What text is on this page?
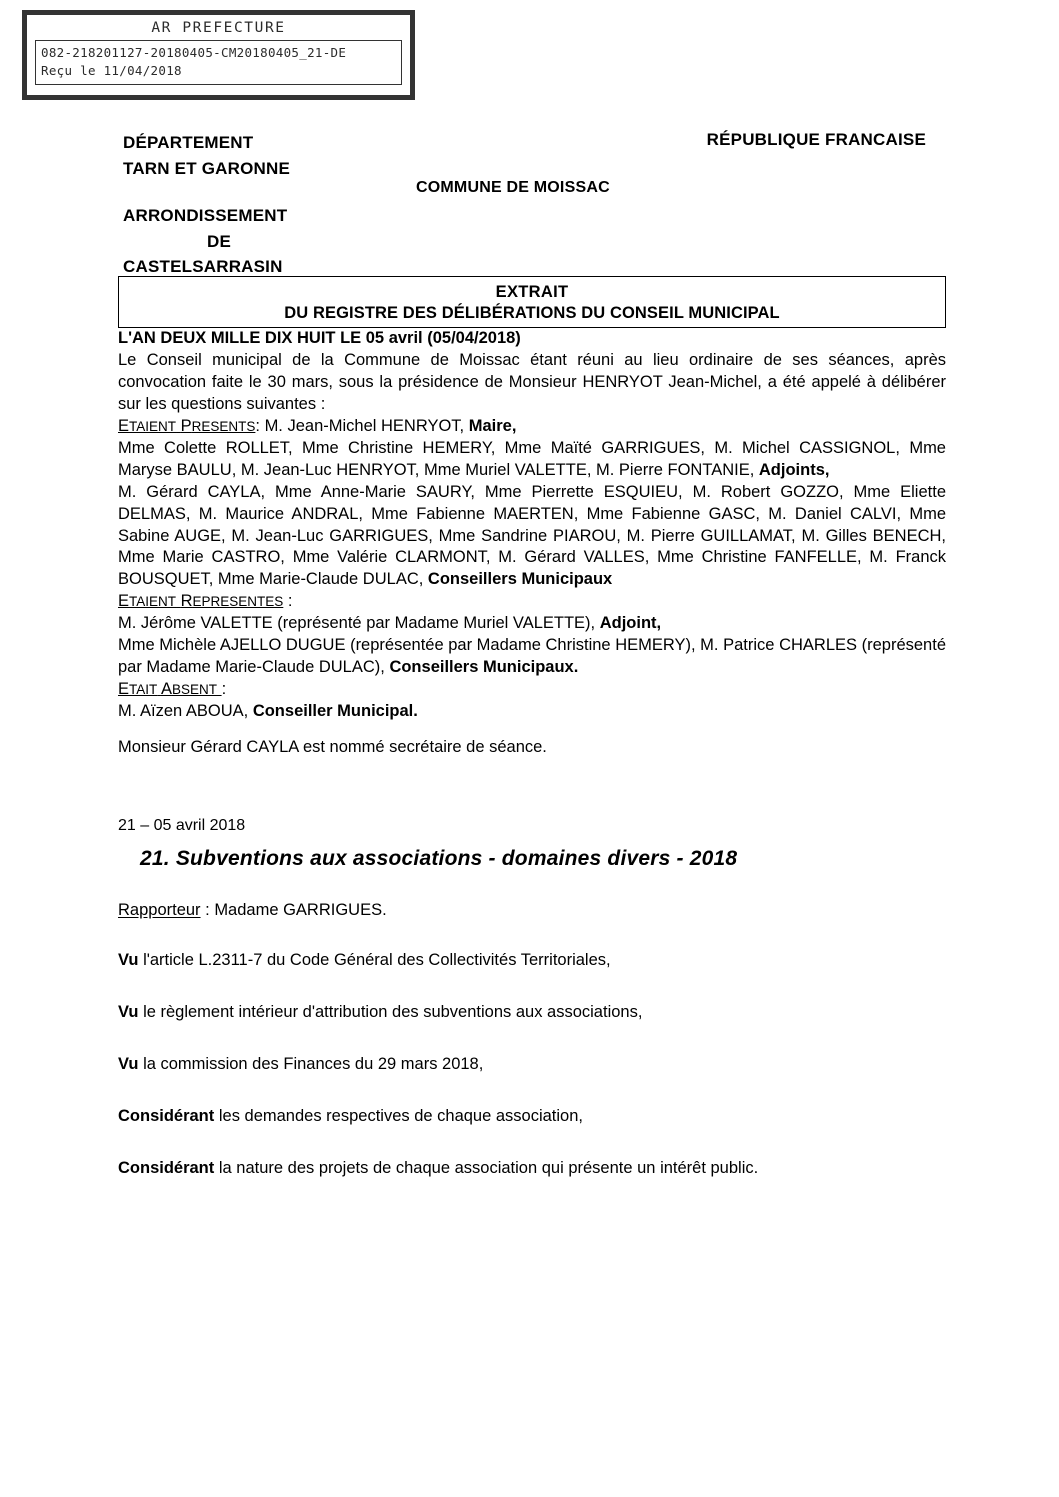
AR PREFECTURE
082-218201127-20180405-CM20180405_21-DE
Reçu le 11/04/2018
DÉPARTEMENT
TARN ET GARONNE
ARRONDISSEMENT
DE
CASTELSARRASIN
RÉPUBLIQUE FRANCAISE
COMMUNE DE MOISSAC
EXTRAIT
DU REGISTRE DES DÉLIBÉRATIONS DU CONSEIL MUNICIPAL

L'AN DEUX MILLE DIX HUIT LE 05 avril (05/04/2018)

Le Conseil municipal de la Commune de Moissac étant réuni au lieu ordinaire de ses séances, après convocation faite le 30 mars, sous la présidence de Monsieur HENRYOT Jean-Michel, a été appelé à délibérer sur les questions suivantes :

ETAIENT PRESENTS: M. Jean-Michel HENRYOT, Maire,

Mme Colette ROLLET, Mme Christine HEMERY, Mme Maïté GARRIGUES, M. Michel CASSIGNOL, Mme Maryse BAULU, M. Jean-Luc HENRYOT, Mme Muriel VALETTE, M. Pierre FONTANIE, Adjoints,

M. Gérard CAYLA, Mme Anne-Marie SAURY, Mme Pierrette ESQUIEU, M. Robert GOZZO, Mme Eliette DELMAS, M. Maurice ANDRAL, Mme Fabienne MAERTEN, Mme Fabienne GASC, M. Daniel CALVI, Mme Sabine AUGE, M. Jean-Luc GARRIGUES, Mme Sandrine PIAROU, M. Pierre GUILLAMAT, M. Gilles BENECH, Mme Marie CASTRO, Mme Valérie CLARMONT, M. Gérard VALLES, Mme Christine FANFELLE, M. Franck BOUSQUET, Mme Marie-Claude DULAC, Conseillers Municipaux

ETAIENT REPRESENTES :

M. Jérôme VALETTE (représenté par Madame Muriel VALETTE), Adjoint,

Mme Michèle AJELLO DUGUE (représentée par Madame Christine HEMERY), M. Patrice CHARLES (représenté par Madame Marie-Claude DULAC), Conseillers Municipaux.

ETAIT ABSENT :

M. Aïzen ABOUA, Conseiller Municipal.

Monsieur Gérard CAYLA est nommé secrétaire de séance.

21 – 05 avril 2018

21. Subventions aux associations - domaines divers - 2018

Rapporteur : Madame GARRIGUES.

Vu l'article L.2311-7 du Code Général des Collectivités Territoriales,

Vu le règlement intérieur d'attribution des subventions aux associations,

Vu la commission des Finances du 29 mars 2018,

Considérant les demandes respectives de chaque association,

Considérant la nature des projets de chaque association qui présente un intérêt public.
